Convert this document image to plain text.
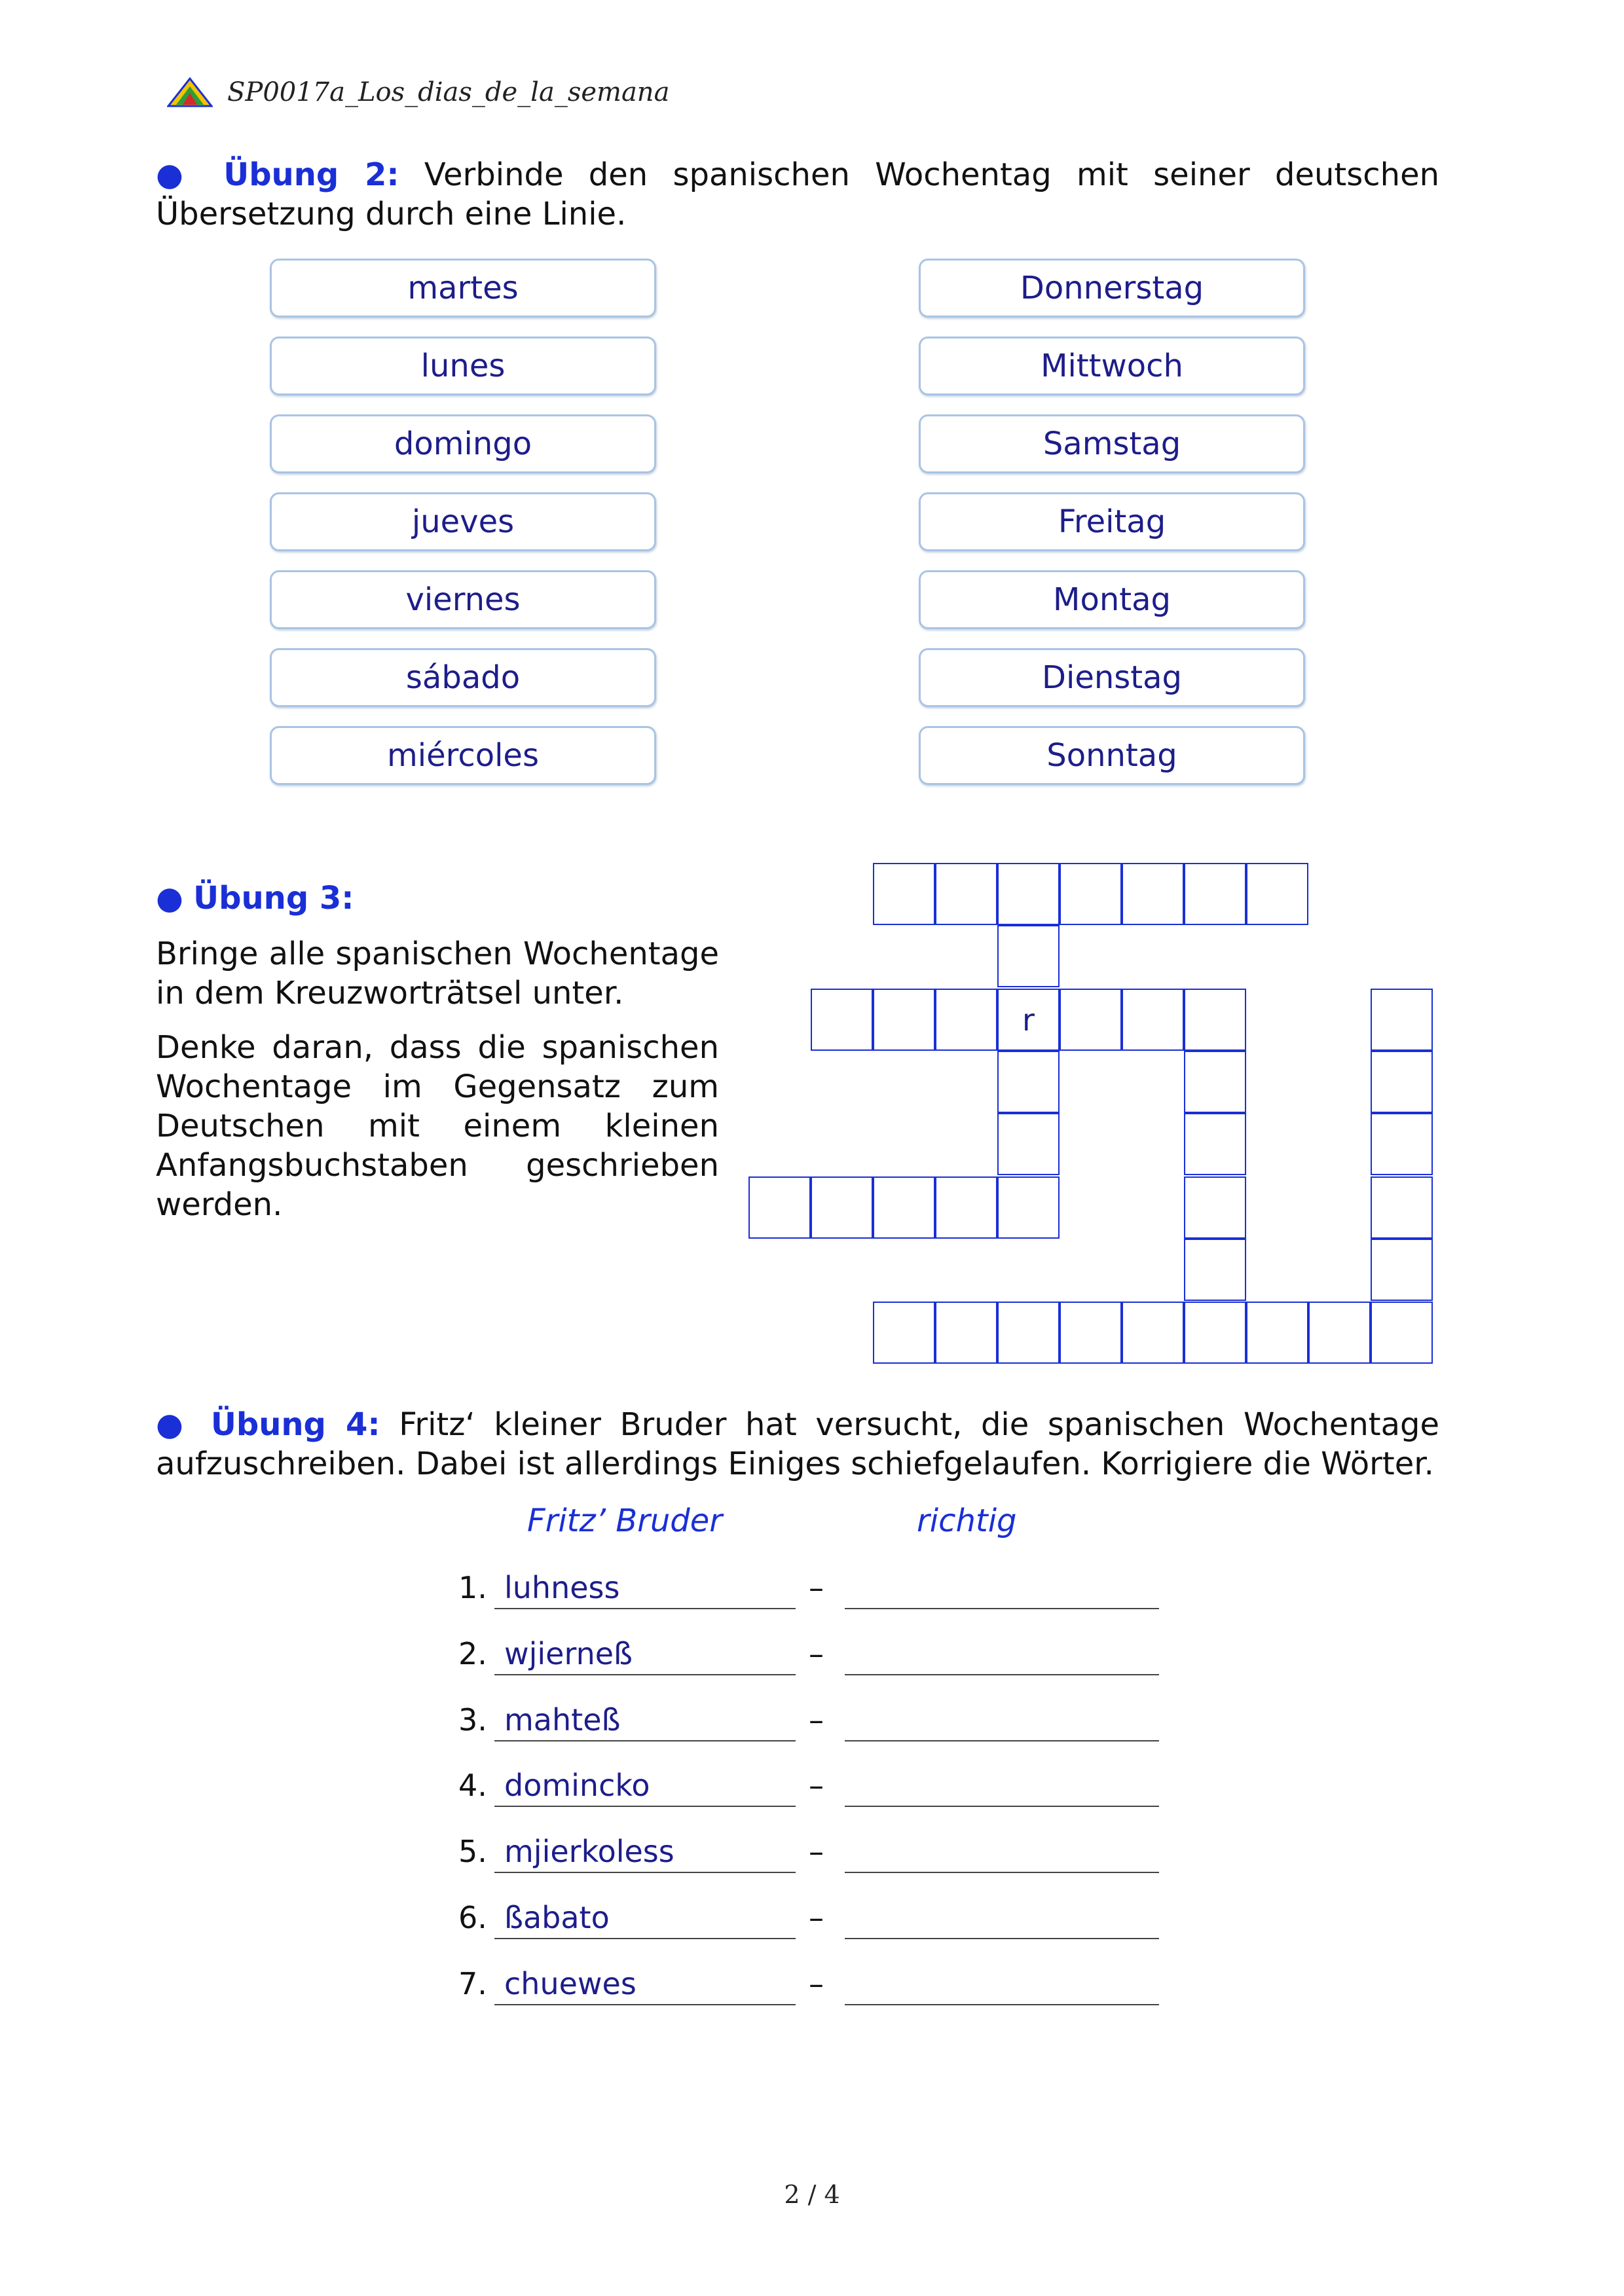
SP0017a_Los_dias_de_la_semana
● Übung 2: Verbinde den spanischen Wochentag mit seiner deutschen Übersetzung durch eine Linie.
martes
lunes
domingo
jueves
viernes
sábado
miércoles
Donnerstag
Mittwoch
Samstag
Freitag
Montag
Dienstag
Sonntag
● Übung 3:
Bringe alle spanischen Wochentage in dem Kreuzworträtsel unter.
Denke daran, dass die spanischen Wochentage im Gegensatz zum Deutschen mit einem kleinen Anfangsbuchstaben geschrieben werden.
r
● Übung 4: Fritz‘ kleiner Bruder hat versucht, die spanischen Wochentage aufzuschreiben. Dabei ist allerdings Einiges schiefgelaufen. Korrigiere die Wörter.
Fritz’ Bruder	richtig
1. luhness	–
2. wjierneß	–
3. mahteß	–
4. domincko	–
5. mjierkoless	–
6. ßabato	–
7. chuewes	–
2 / 4
